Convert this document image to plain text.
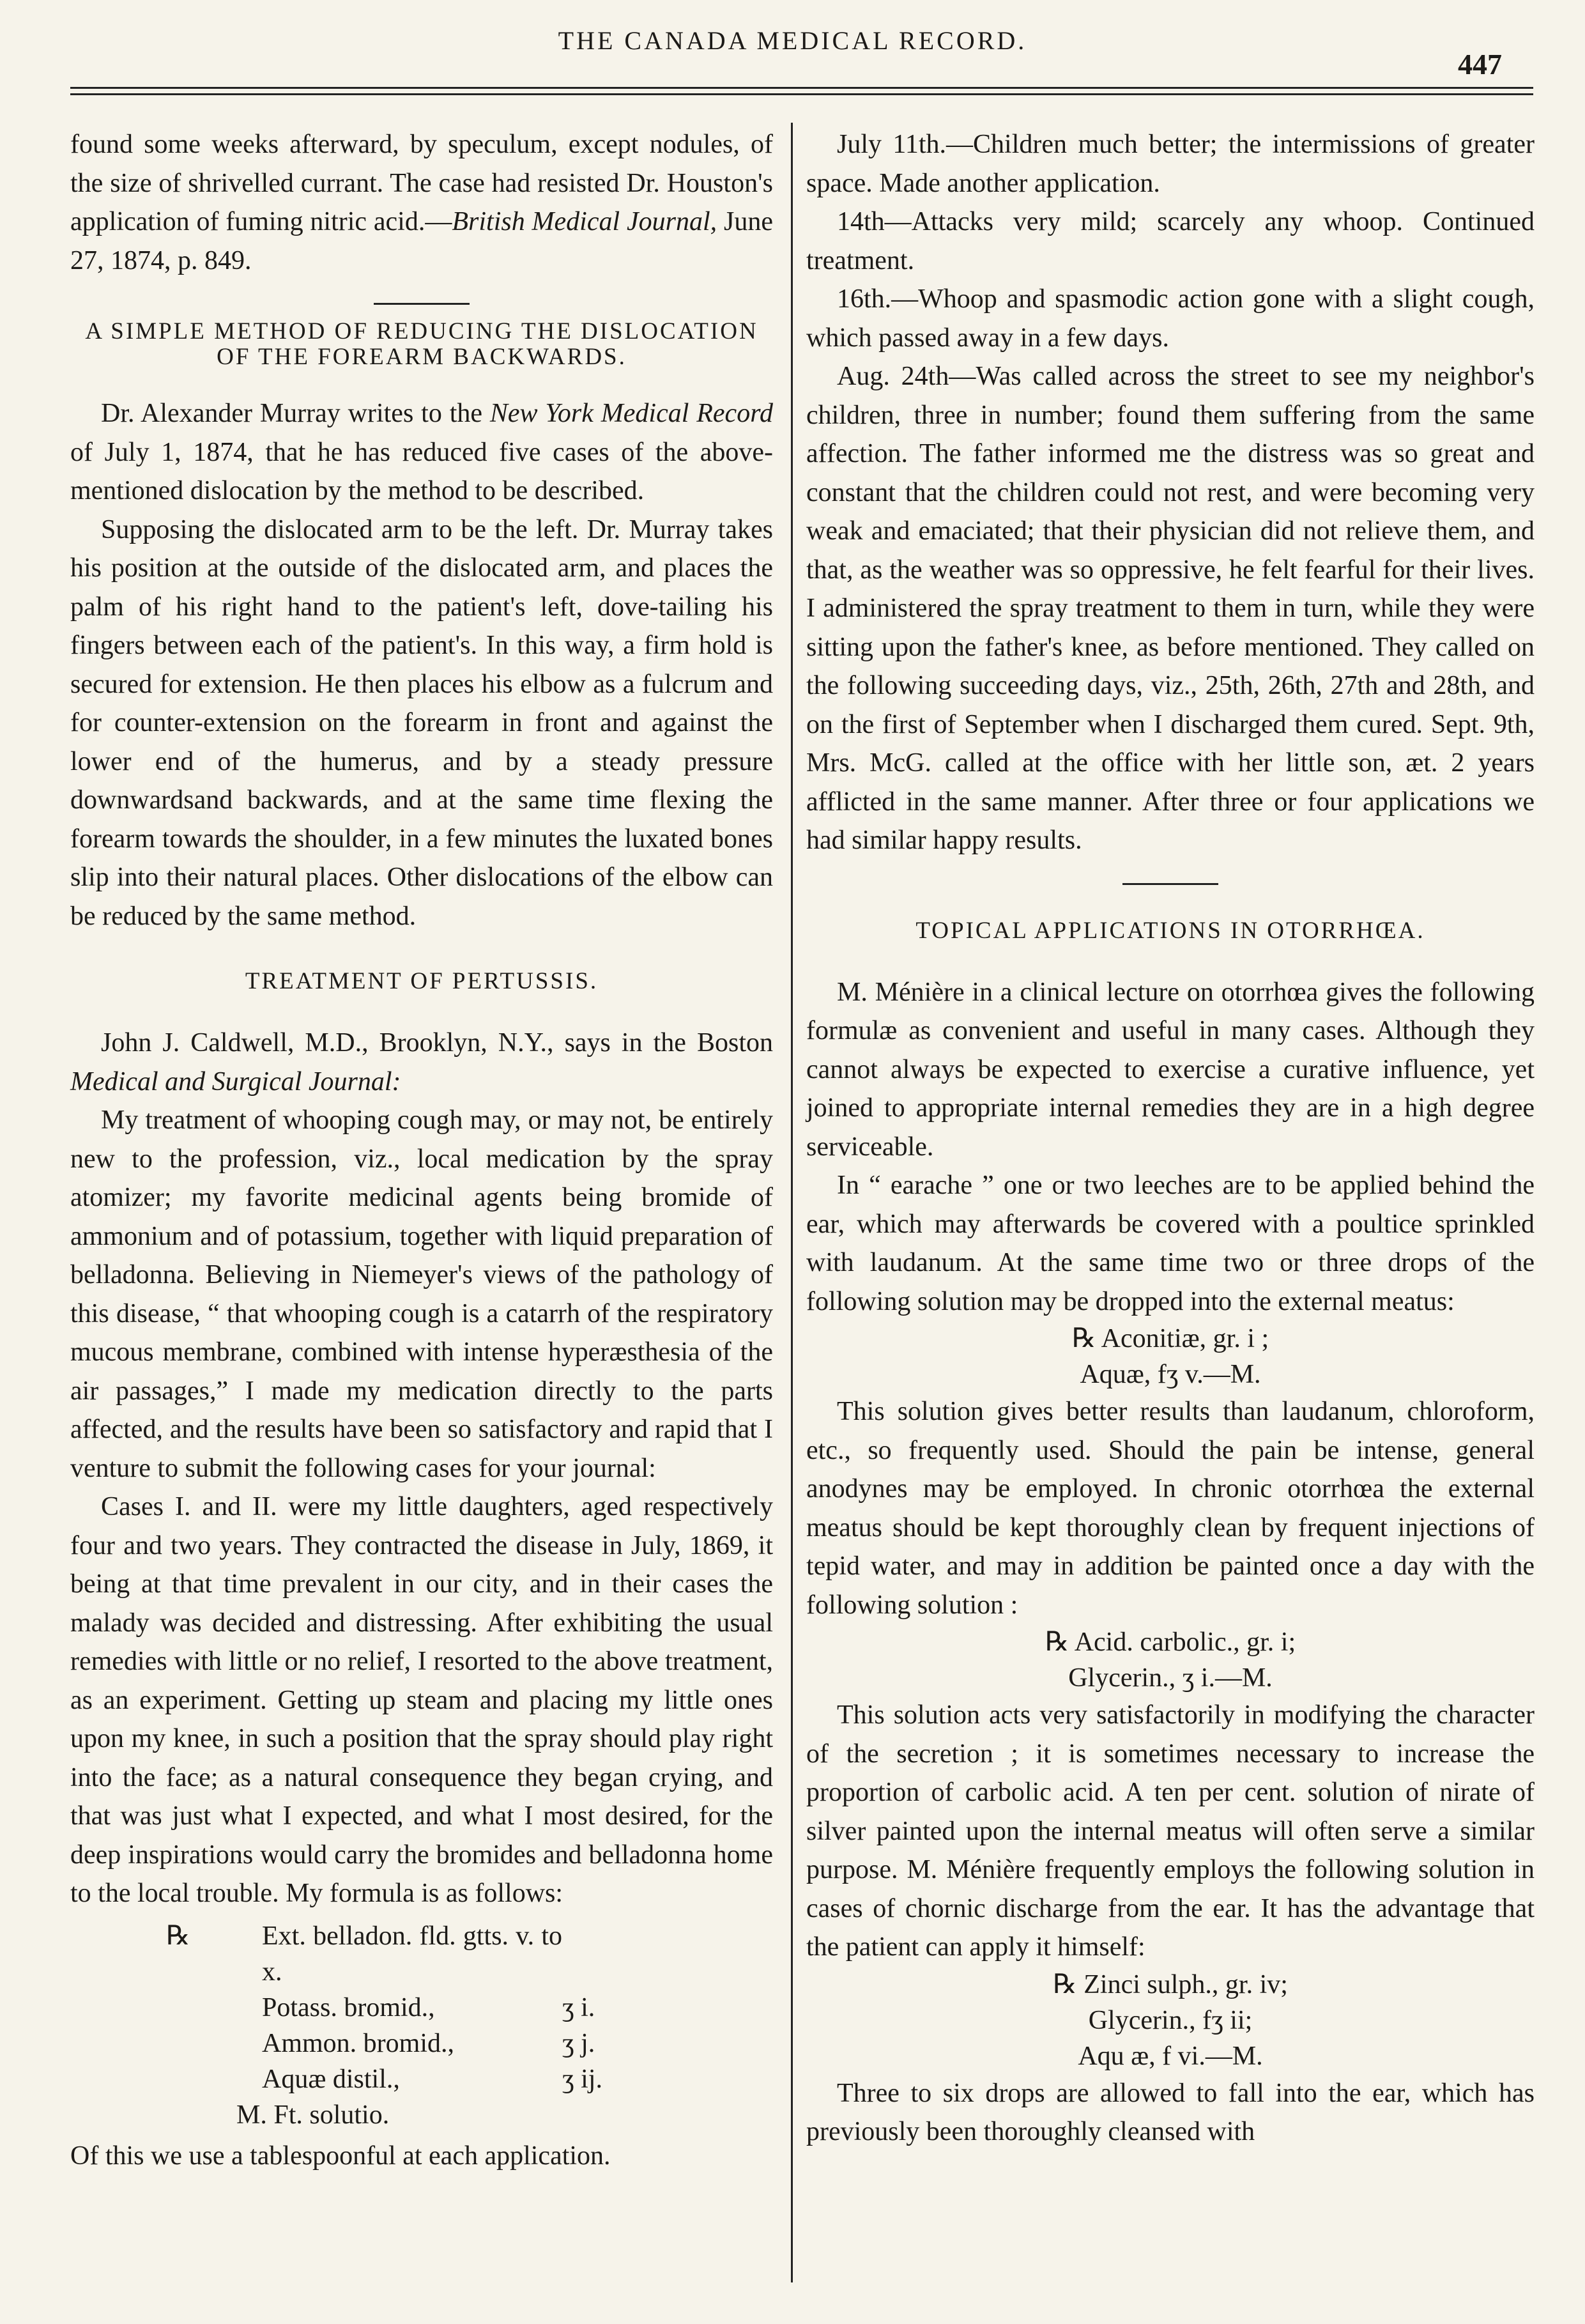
THE CANADA MEDICAL RECORD.
447

found some weeks afterward, by speculum, except nodules, of the size of shrivelled currant. The case had resisted Dr. Houston's application of fuming nitric acid.—British Medical Journal, June 27, 1874, p. 849.

A SIMPLE METHOD OF REDUCING THE DISLOCATION OF THE FOREARM BACKWARDS.

Dr. Alexander Murray writes to the New York Medical Record of July 1, 1874, that he has reduced five cases of the above-mentioned dislocation by the method to be described.

Supposing the dislocated arm to be the left. Dr. Murray takes his position at the outside of the dislocated arm, and places the palm of his right hand to the patient's left, dove-tailing his fingers between each of the patient's. In this way, a firm hold is secured for extension. He then places his elbow as a fulcrum and for counter-extension on the forearm in front and against the lower end of the humerus, and by a steady pressure downwardsand backwards, and at the same time flexing the forearm towards the shoulder, in a few minutes the luxated bones slip into their natural places. Other dislocations of the elbow can be reduced by the same method.

TREATMENT OF PERTUSSIS.

John J. Caldwell, M.D., Brooklyn, N.Y., says in the Boston Medical and Surgical Journal:

My treatment of whooping cough may, or may not, be entirely new to the profession, viz., local medication by the spray atomizer; my favorite medicinal agents being bromide of ammonium and of potassium, together with liquid preparation of belladonna. Believing in Niemeyer's views of the pathology of this disease, “ that whooping cough is a catarrh of the respiratory mucous membrane, combined with intense hyperæsthesia of the air passages,” I made my medication directly to the parts affected, and the results have been so satisfactory and rapid that I venture to submit the following cases for your journal:

Cases I. and II. were my little daughters, aged respectively four and two years. They contracted the disease in July, 1869, it being at that time prevalent in our city, and in their cases the malady was decided and distressing. After exhibiting the usual remedies with little or no relief, I resorted to the above treatment, as an experiment. Getting up steam and placing my little ones upon my knee, in such a position that the spray should play right into the face; as a natural consequence they began crying, and that was just what I expected, and what I most desired, for the deep inspirations would carry the bromides and belladonna home to the local trouble. My formula is as follows:

℞	Ext. belladon. fld. gtts. v. to x.
Potass. bromid.,	ʒ i.
Ammon. bromid.,	ʒ j.
Aquæ distil.,	ʒ ij.
M. Ft. solutio.

Of this we use a tablespoonful at each application.

July 11th.—Children much better; the intermissions of greater space. Made another application.

14th—Attacks very mild; scarcely any whoop. Continued treatment.

16th.—Whoop and spasmodic action gone with a slight cough, which passed away in a few days.

Aug. 24th—Was called across the street to see my neighbor's children, three in number; found them suffering from the same affection. The father informed me the distress was so great and constant that the children could not rest, and were becoming very weak and emaciated; that their physician did not relieve them, and that, as the weather was so oppressive, he felt fearful for their lives. I administered the spray treatment to them in turn, while they were sitting upon the father's knee, as before mentioned. They called on the following succeeding days, viz., 25th, 26th, 27th and 28th, and on the first of September when I discharged them cured. Sept. 9th, Mrs. McG. called at the office with her little son, æt. 2 years afflicted in the same manner. After three or four applications we had similar happy results.

TOPICAL APPLICATIONS IN OTORRHŒA.

M. Ménière in a clinical lecture on otorrhœa gives the following formulæ as convenient and useful in many cases. Although they cannot always be expected to exercise a curative influence, yet joined to appropriate internal remedies they are in a high degree serviceable.

In “ earache ” one or two leeches are to be applied behind the ear, which may afterwards be covered with a poultice sprinkled with laudanum. At the same time two or three drops of the following solution may be dropped into the external meatus:

℞ Aconitiæ, gr. i ;
Aquæ, fʒ v.—M.

This solution gives better results than laudanum, chloroform, etc., so frequently used. Should the pain be intense, general anodynes may be employed. In chronic otorrhœa the external meatus should be kept thoroughly clean by frequent injections of tepid water, and may in addition be painted once a day with the following solution :

℞ Acid. carbolic., gr. i;
Glycerin., ʒ i.—M.

This solution acts very satisfactorily in modifying the character of the secretion ; it is sometimes necessary to increase the proportion of carbolic acid. A ten per cent. solution of nirate of silver painted upon the internal meatus will often serve a similar purpose. M. Ménière frequently employs the following solution in cases of chornic discharge from the ear. It has the advantage that the patient can apply it himself:

℞ Zinci sulph., gr. iv;
Glycerin., fʒ ii;
Aqu æ, f vi.—M.

Three to six drops are allowed to fall into the ear, which has previously been thoroughly cleansed with
